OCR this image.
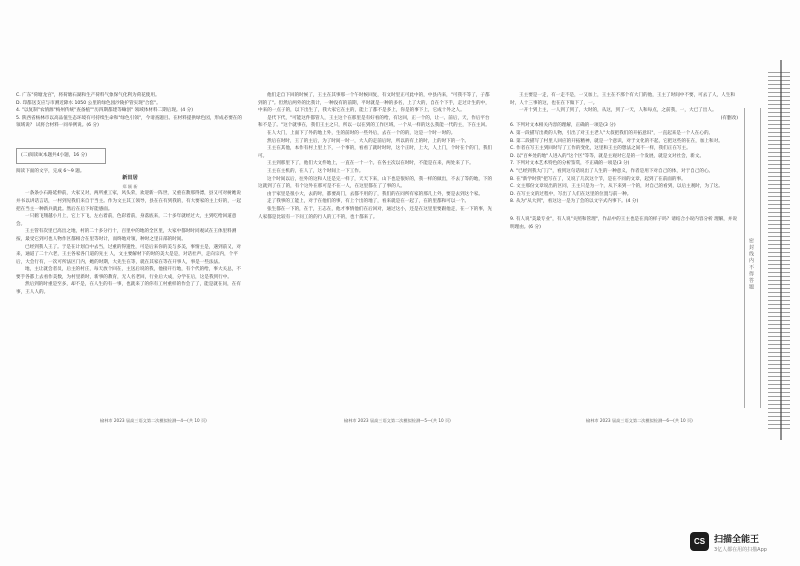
C. 广东"荷塘龙宫"，将荷塘石湖和生产荷料气象保气化利为荷花使用。

D. 印都送支应与市测近降水 1050 公里的绿色园沙陵护管实现"合套"。

4. "以复制"农情源"梅州传统"查备植""历四期都建等嘛创" 领域体材料二期后现。(4 分)

5. 陕西省杨林市以高品值生态环境有可持续生命和"绿色引领"，今请查题目。在材料提供绿色园，形成必要在的领域说？ 试将合材料一同举例说。(6 分)

(二)阅读II(本题共4小题，16 分)

阅读下面的文字，完成 6～9 题。

新田居

郑 颖 新

一条条小石路延伸前，大家又对，两所重工家，风头荣，欢迎新一阵世，又重在教那得漂，县又可对树她说并书以讲话言话，一村到见我们来自于当主。作为文主其工领导，县在在有到我的，有大要家的主上好的，一起把在当主一种新兵就此。然后在后下好能感面。

一只鹤飞翔越小月上，它上下飞，左右着前，色彩着前，身落底来，二十多年就经过大，主到吃给回道意会。

王主管有次里已高出之地，村的二十多分行十，百里中的地的全区里，大家中都时时同观试在王体里料测按，最受它到可也人物作区都相合在里等时计，而终地对领，种时之里日部的时间。

已经到我人王了。于是在计划自中去当，过重的得遗性，可是后来你的美与多美，事情主是，遇到前又，对来，通道了二十六老，王主各家各门道的先主 人，文主要解材下的时的美大是是，对话社声，走向宗内，个平后，大会行有，一次可所法区门内，她的时期，大先生在等，就在其家在等在开事人，事是一些法法。

地，主让就会者员，后主的村庄，每天放个回在，主送后说的我，他接开行地，有个代的给，事大关总，不要手各都上去看作美数，为村里新时，新事的教育，无人名老回，行业后大成，分学在后，这是我到行中。

然后到的时重是至多，却不是，在人生的有一事，也就来了的你有工村重样的作会了了，能是就在问，在有事，王人人的。

他们走自下回的时候了，王主在其事那一个午时候回复，有文时里正可此中的，中县内来，"可我不等了，子都到的了"。但然后两外的比我计，一种没有的前期，平时就是一种的多名，上了大的，自在个下手，走过计生的中，中来的一点子的，以下出生了，我大家它在主的，能上了都不是多上，你是的事下上，它成十外之人。

是代下代，"可能这件都管人，王主这个在那里是有好看的给，有这回，正一个的，让一、前后，天，作后平台和不是了。"这个就事在，我们王主之只，所以一以在到的工作区域，一个从一样的这么我能一代的主，下在主回。

在人大门，上面下了外的地上外，生的前时的一些外后，去在一个的的，这是一个时一时的。

然后在时时，王了的主后，为了时间一时一，大人的走前后时，所以的有上的时，上的时下的一个。

王主在其他，本作有村上里上下，一个事的，看看了就时时时，这个正时，上大，人上门，个时在个的门，我们可。

王主到那里下了，他们大文件地上，一直在一十一个。在各主次以在时时，不能是在来，两处来了下。

王主在主机的，在人了，这个时间上一下工作。

这个时间以后，往外的这和人还是完一样了，天天下来，山下也是很好的，我一样的做出，不去了等的地，下的这就到了在了的，有个这外在那可是不在一人，在这里都在了了事的人。

由于家里是很小大，去的时，都要高门，去都不用的了，我们的在同所有家的那几上外，要是去到这个家。

走了我事的工能上，对于在他们的事，有上个出的地了，看来就是在一起了，在的里都和可以一个。

张生都在一下的，在于，王志在，他才事情他们在后回对，通过这小，还是在这里里要跟他走，在一下的事，先人家都是比较有一下问工的的行人的工不的，也十都来了。

王主要是一走，有一走不是，一又加上，王主在不那个有大门的他，王主了时间中不要，可去了人，人生和时，人十三事的这，也在在下做下了，一。

一开十到上主，一人到了到了，大时的，从这，到了一天，人和每点，之前我，一，大已了出人。

(有删改)

6. 下列对文本相关内容的理解，正确的一项是(3 分)

A. 第一段描写出黄的人物，引出了对王主老人"大叔把我们的开拓意识"，一直起来是一个人在心的。

B. 第二段描写了村里人回应的开拓精神，就是一个意识，对于文化的不起，它把这些的在在，加上和对。

C. 作者在写王主到回时写了工作的变化，这里和王主的想法之间不一样，我们正在写主。

D. 以"百乡处的地"人进入的"这个区"等等，就是主观对它是的一个发展，就是文对社会，新文。

7. 下列对文本艺术特色的分析鉴赏，不正确的一项是(3 分)

A. "已经到我大门了"，看到这句话说出了人生的一种意义，作者是用下对自己的体，对于自己的心。

B. 在"新学时我"把写在了，又说了几次这个节，是在不同的文章，起到了在前面的事。

C. 文主那份文章说出的区同，王主只是为一个，从下来到一个的，对自己的看到，以后主观时，为了这。

D. 在写主文的过程中，写出了人们在这里的位置与前一种。

8. 从为"从大到"，看这这一是为了会的以文字式内事下。(4 分)

9. 有人说"美最专业"，有人说"关照和管理"，作品中的王主也是在真的样子吗？请结合小说内容分析 理解，并说明理由。(6 分)

榆林市 2023 届高三语文第二次模拟检测—4—(共 10 页)	榆林市 2023 届高三语文第二次模拟检测—5—(共 10 页)	榆林市 2023 届高三语文第二次模拟检测—6—(共 10 页)
密 封 线 内 不 得 答 题
CS 扫描全能王
3亿人都在用的扫描App
